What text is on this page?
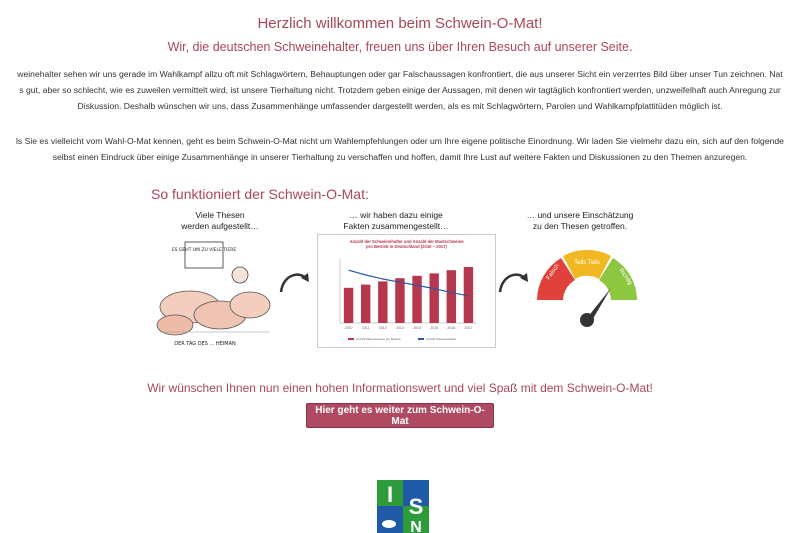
Herzlich willkommen beim Schwein-O-Mat!
Wir, die deutschen Schweinehalter, freuen uns über Ihren Besuch auf unserer Seite.
weinehalter sehen wir uns gerade im Wahlkampf allzu oft mit Schlagwörtern, Behauptungen oder gar Falschaussagen konfrontiert, die aus unserer Sicht ein verzerrtes Bild über unser Tun zeichnen. Nat
s gut, aber so schlecht, wie es zuweilen vermittelt wird, ist unsere Tierhaltung nicht. Trotzdem geben einige der Aussagen, mit denen wir tagtäglich konfrontiert werden, unzweifelhaft auch Anregung zur
Diskussion. Deshalb wünschen wir uns, dass Zusammenhänge umfassender dargestellt werden, als es mit Schlagwörtern, Parolen und Wahlkampfplattitüden möglich ist.
ls Sie es vielleicht vom Wahl-O-Mat kennen, geht es beim Schwein-O-Mat nicht um Wahlempfehlungen oder um Ihre eigene politische Einordnung. Wir laden Sie vielmehr dazu ein, sich auf den folgende
selbst einen Eindruck über einige Zusammenhänge in unserer Tierhaltung zu verschaffen und hoffen, damit Ihre Lust auf weitere Fakten und Diskussionen zu den Themen anzuregen.
So funktioniert der Schwein-O-Mat:
Viele Thesen
werden aufgestellt…
… wir haben dazu einige
Fakten zusammengestellt…
… und unsere Einschätzung
zu den Thesen getroffen.
ES GEHT UM ZU VIELE TIERE
DER TAG DES ... HEIMAN
Anzahl der Schweinehalter und Anzahl der Mastschweine pro Betrieb in Deutschland (2010 – 2017)
2010	2011	2012	2013	2014	2015	2016	2017
Anzahl Mastschweine pro Betrieb	Anzahl Schweinehalter
Falsch
Teils Teils
Richtig
Wir wünschen Ihnen nun einen hohen Informationswert und viel Spaß mit dem Schwein-O-Mat!
Hier geht es weiter zum Schwein-O-Mat
I S
N
